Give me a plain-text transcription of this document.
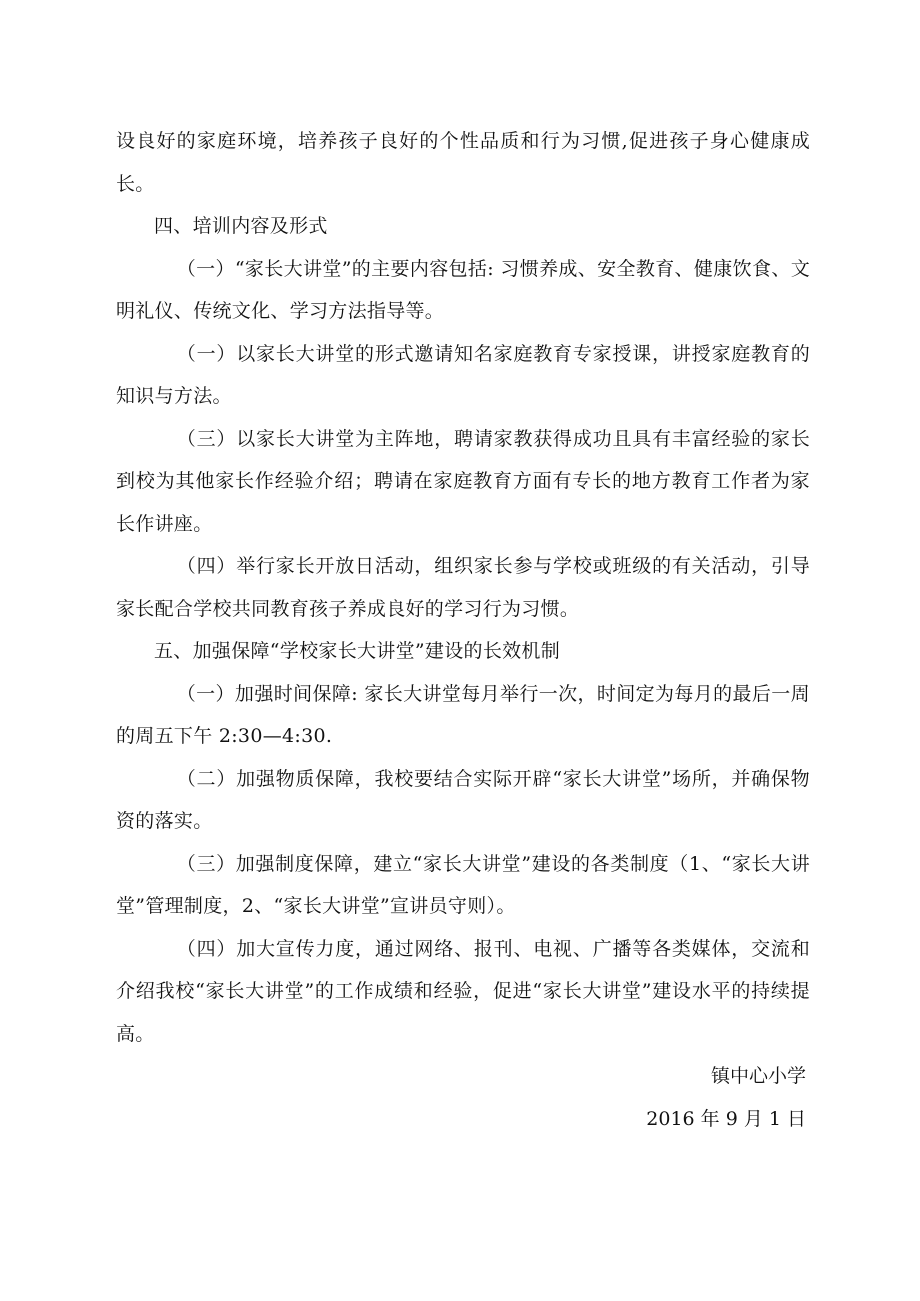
设良好的家庭环境，培养孩子良好的个性品质和行为习惯,促进孩子身心健康成长。

四、培训内容及形式

（一）“家长大讲堂”的主要内容包括: 习惯养成、安全教育、健康饮食、文明礼仪、传统文化、学习方法指导等。

（一）以家长大讲堂的形式邀请知名家庭教育专家授课，讲授家庭教育的知识与方法。

（三）以家长大讲堂为主阵地，聘请家教获得成功且具有丰富经验的家长到校为其他家长作经验介绍；聘请在家庭教育方面有专长的地方教育工作者为家长作讲座。

（四）举行家长开放日活动，组织家长参与学校或班级的有关活动，引导家长配合学校共同教育孩子养成良好的学习行为习惯。

五、加强保障“学校家长大讲堂”建设的长效机制

（一）加强时间保障: 家长大讲堂每月举行一次，时间定为每月的最后一周的周五下午 2:30—4:30.

（二）加强物质保障，我校要结合实际开辟“家长大讲堂”场所，并确保物资的落实。

（三）加强制度保障，建立“家长大讲堂”建设的各类制度（1、“家长大讲堂”管理制度，2、“家长大讲堂”宣讲员守则）。

（四）加大宣传力度，通过网络、报刊、电视、广播等各类媒体，交流和介绍我校“家长大讲堂”的工作成绩和经验，促进“家长大讲堂”建设水平的持续提高。

镇中心小学

2016 年 9 月 1 日
